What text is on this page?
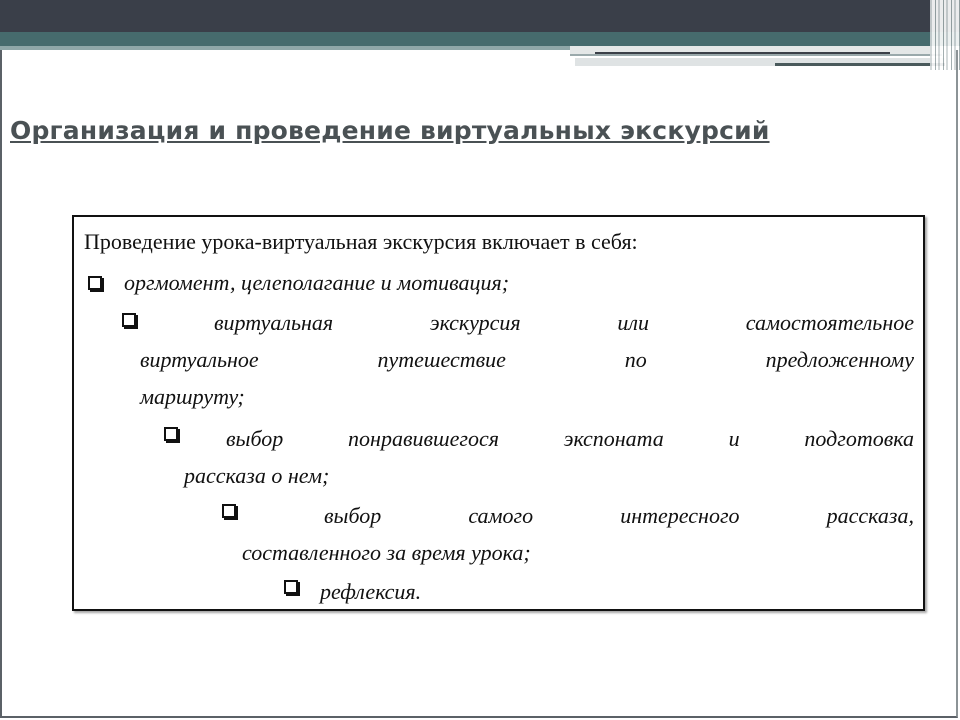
Организация и проведение виртуальных экскурсий
Проведение урока-виртуальная экскурсия включает в себя:
оргмомент, целеполагание и мотивация;
виртуальная экскурсия или самостоятельное
виртуальное путешествие по предложенному
маршруту;
выбор понравившегося экспоната и подготовка
рассказа о нем;
выбор самого интересного рассказа,
составленного за время урока;
рефлексия.
